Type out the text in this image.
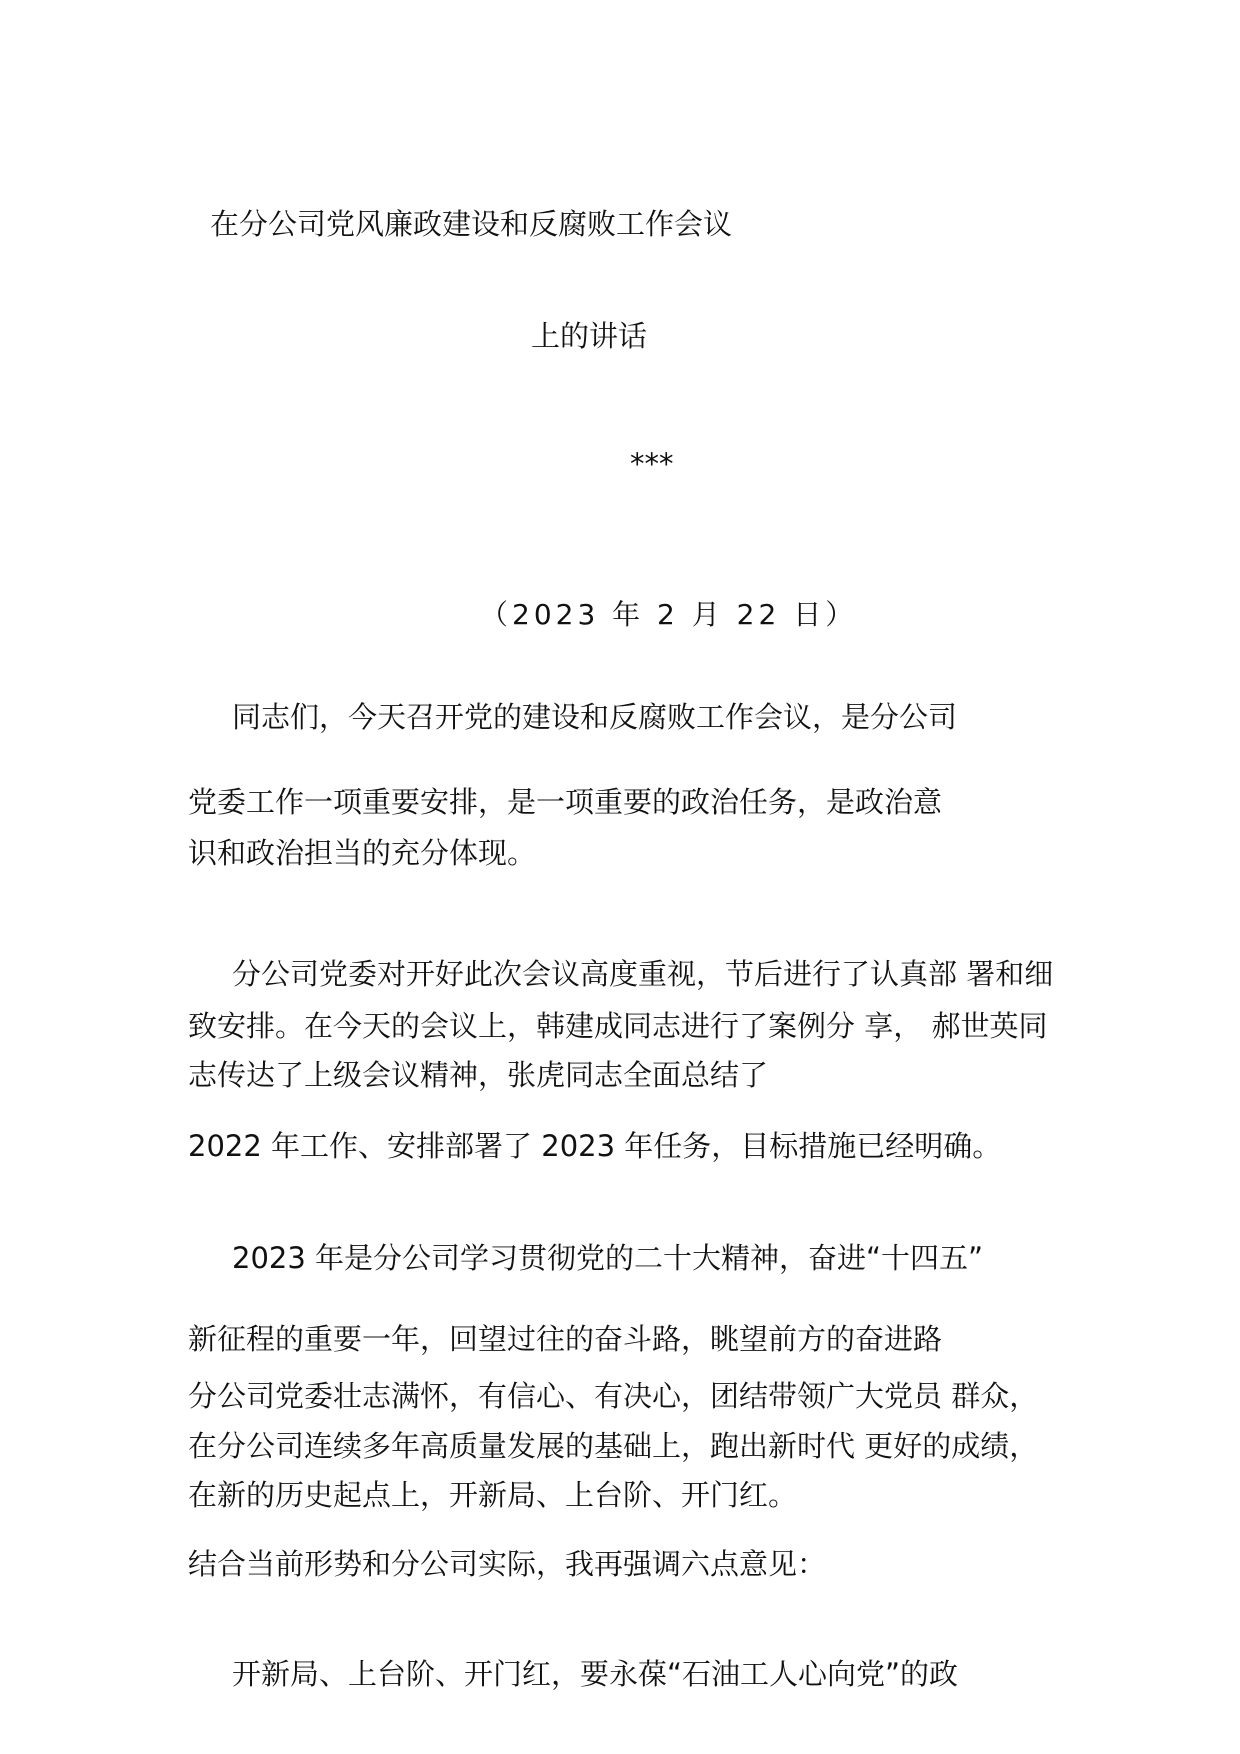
在分公司党风廉政建设和反腐败工作会议

上的讲话

***

（2023 年 2 月 22 日）

同志们，今天召开党的建设和反腐败工作会议，是分公司

党委工作一项重要安排，是一项重要的政治任务，是政治意

识和政治担当的充分体现。

分公司党委对开好此次会议高度重视，节后进行了认真部 署和细

致安排。在今天的会议上，韩建成同志进行了案例分 享， 郝世英同

志传达了上级会议精神，张虎同志全面总结了

2022 年工作、安排部署了 2023 年任务，目标措施已经明确。

2023 年是分公司学习贯彻党的二十大精神，奋进“十四五”

新征程的重要一年，回望过往的奋斗路，眺望前方的奋进路

分公司党委壮志满怀，有信心、有决心，团结带领广大党员 群众，

在分公司连续多年高质量发展的基础上，跑出新时代 更好的成绩，

在新的历史起点上，开新局、上台阶、开门红。

结合当前形势和分公司实际，我再强调六点意见：

开新局、上台阶、开门红，要永葆“石油工人心向党”的政
